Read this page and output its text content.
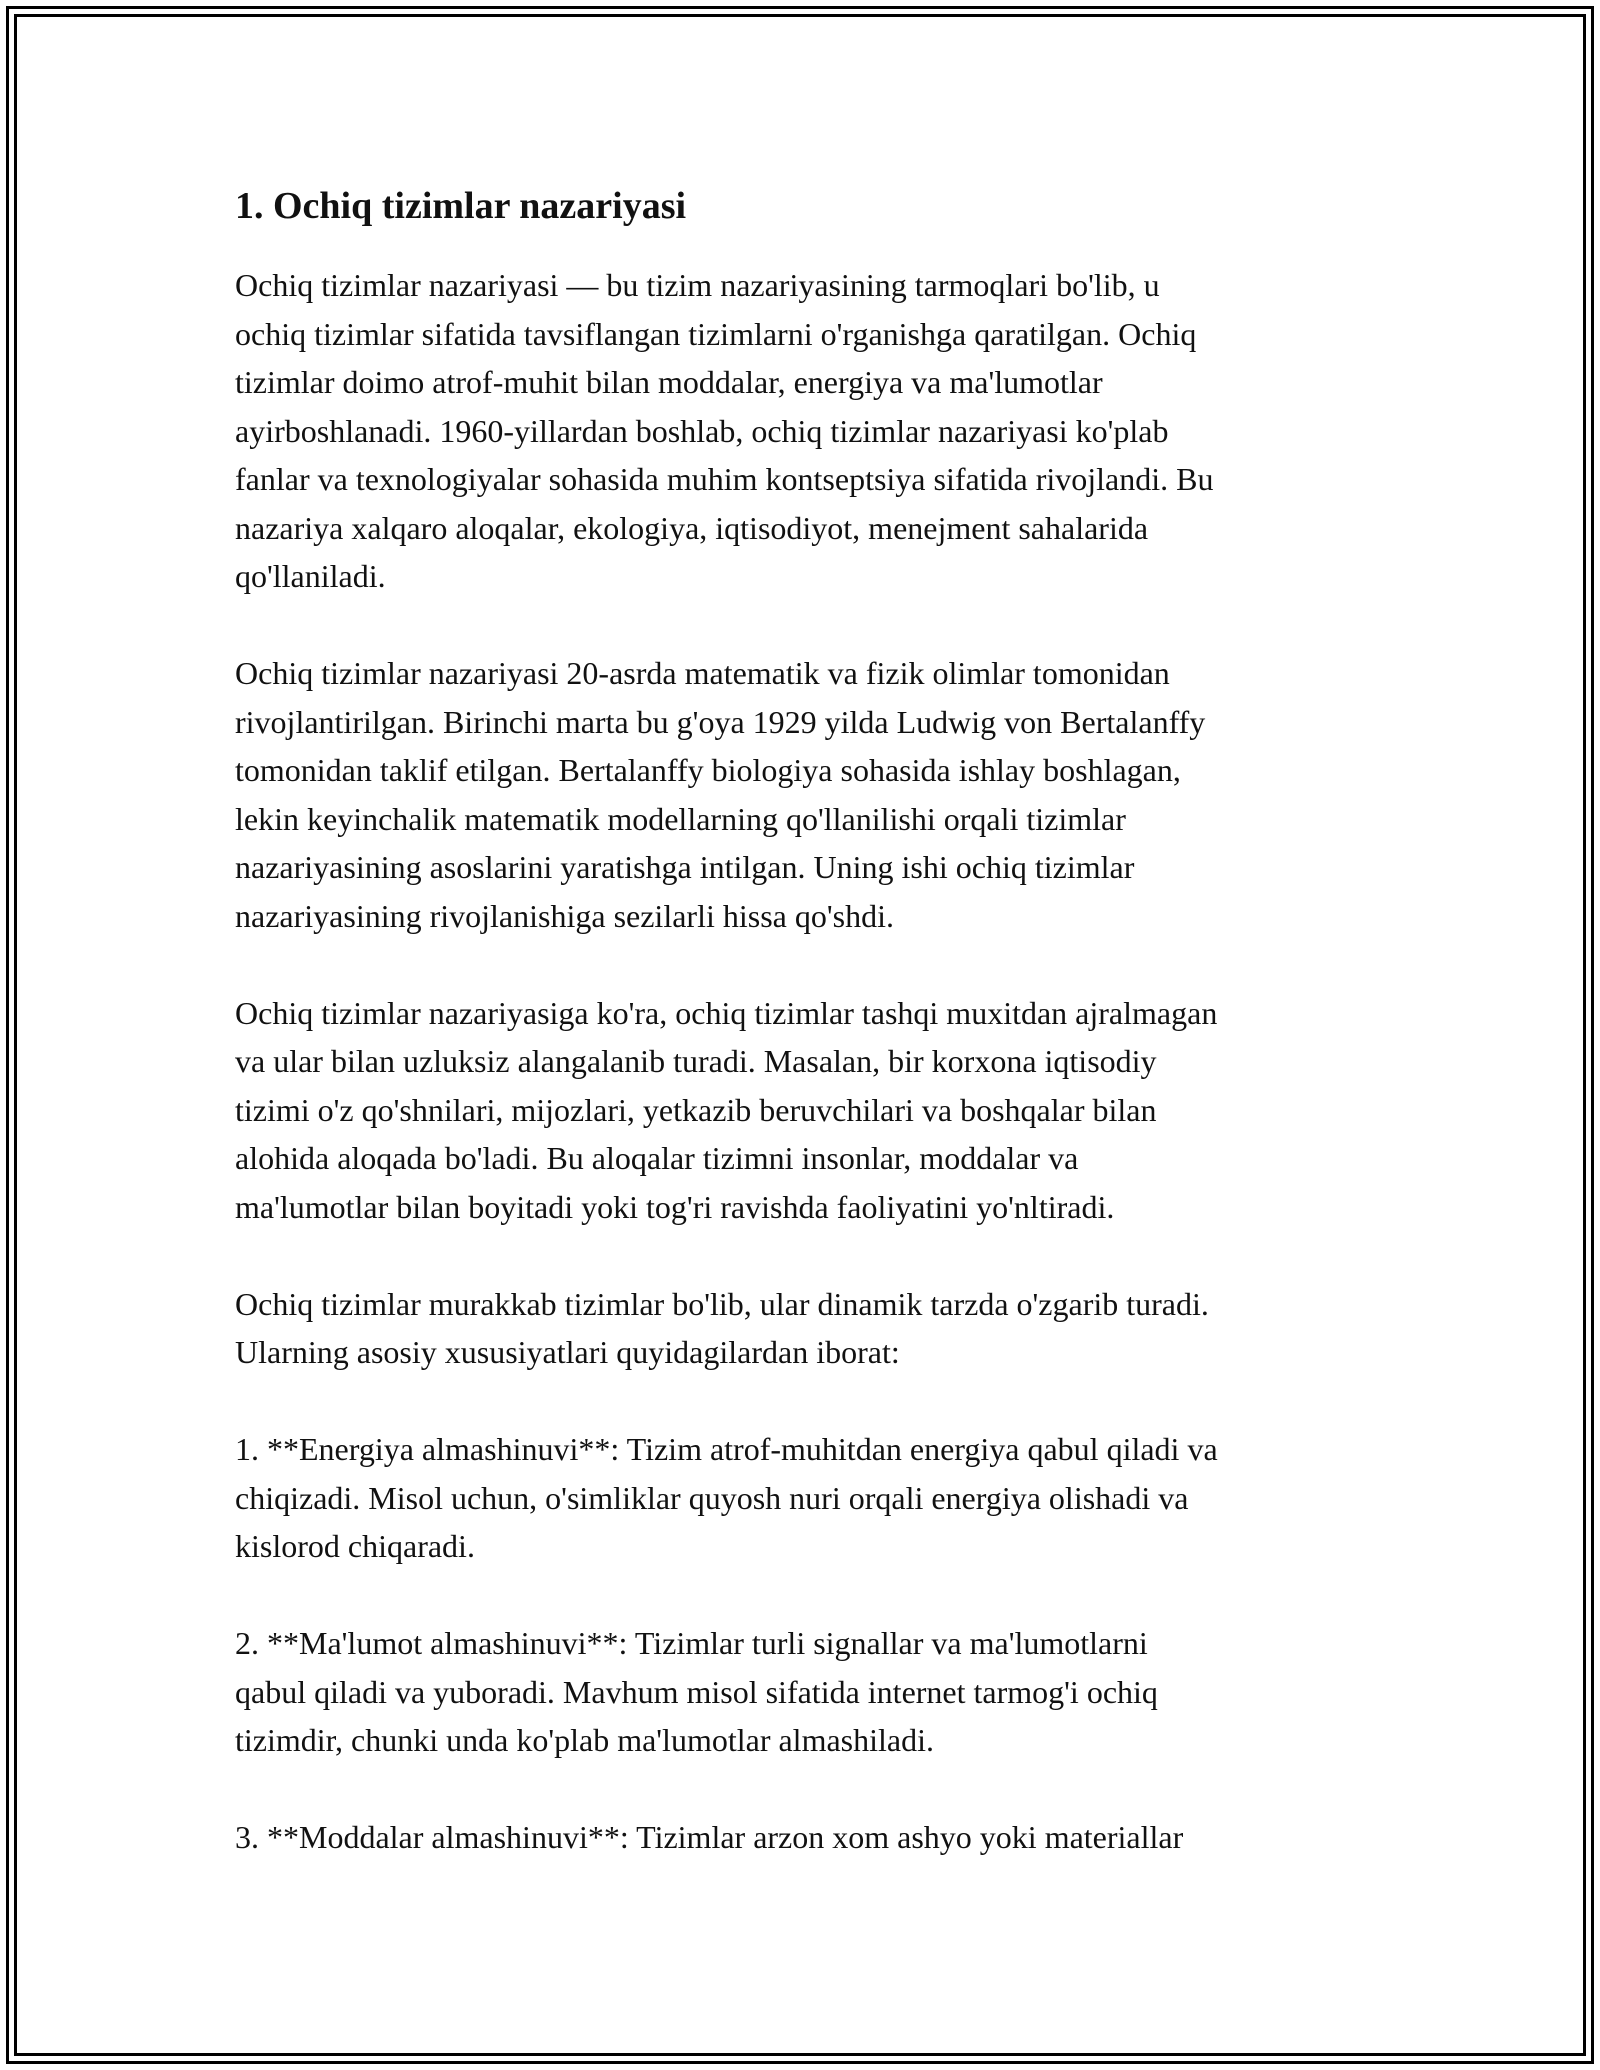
1. Ochiq tizimlar nazariyasi

Ochiq tizimlar nazariyasi — bu tizim nazariyasining tarmoqlari bo'lib, u
ochiq tizimlar sifatida tavsiflangan tizimlarni o'rganishga qaratilgan. Ochiq
tizimlar doimo atrof-muhit bilan moddalar, energiya va ma'lumotlar
ayirboshlanadi. 1960-yillardan boshlab, ochiq tizimlar nazariyasi ko'plab
fanlar va texnologiyalar sohasida muhim kontseptsiya sifatida rivojlandi. Bu
nazariya xalqaro aloqalar, ekologiya, iqtisodiyot, menejment sahalarida
qo'llaniladi.

Ochiq tizimlar nazariyasi 20-asrda matematik va fizik olimlar tomonidan
rivojlantirilgan. Birinchi marta bu g'oya 1929 yilda Ludwig von Bertalanffy
tomonidan taklif etilgan. Bertalanffy biologiya sohasida ishlay boshlagan,
lekin keyinchalik matematik modellarning qo'llanilishi orqali tizimlar
nazariyasining asoslarini yaratishga intilgan. Uning ishi ochiq tizimlar
nazariyasining rivojlanishiga sezilarli hissa qo'shdi.

Ochiq tizimlar nazariyasiga ko'ra, ochiq tizimlar tashqi muxitdan ajralmagan
va ular bilan uzluksiz alangalanib turadi. Masalan, bir korxona iqtisodiy
tizimi o'z qo'shnilari, mijozlari, yetkazib beruvchilari va boshqalar bilan
alohida aloqada bo'ladi. Bu aloqalar tizimni insonlar, moddalar va
ma'lumotlar bilan boyitadi yoki tog'ri ravishda faoliyatini yo'nltiradi.

Ochiq tizimlar murakkab tizimlar bo'lib, ular dinamik tarzda o'zgarib turadi.
Ularning asosiy xususiyatlari quyidagilardan iborat:

1. **Energiya almashinuvi**: Tizim atrof-muhitdan energiya qabul qiladi va
chiqizadi. Misol uchun, o'simliklar quyosh nuri orqali energiya olishadi va
kislorod chiqaradi.

2. **Ma'lumot almashinuvi**: Tizimlar turli signallar va ma'lumotlarni
qabul qiladi va yuboradi. Mavhum misol sifatida internet tarmog'i ochiq
tizimdir, chunki unda ko'plab ma'lumotlar almashiladi.

3. **Moddalar almashinuvi**: Tizimlar arzon xom ashyo yoki materiallar
